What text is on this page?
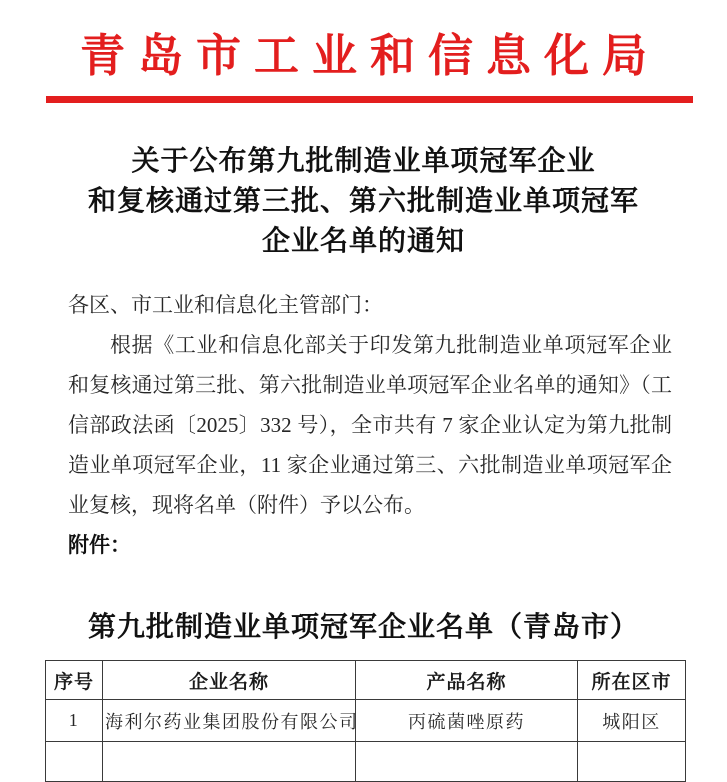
青岛市工业和信息化局
关于公布第九批制造业单项冠军企业
和复核通过第三批、第六批制造业单项冠军
企业名单的通知
各区、市工业和信息化主管部门：
根据《工业和信息化部关于印发第九批制造业单项冠军企业
和复核通过第三批、第六批制造业单项冠军企业名单的通知》（工
信部政法函〔2025〕332 号），全市共有 7 家企业认定为第九批制
造业单项冠军企业，11 家企业通过第三、六批制造业单项冠军企
业复核，现将名单（附件）予以公布。
附件：
第九批制造业单项冠军企业名单（青岛市）
序号	企业名称	产品名称	所在区市
1	海利尔药业集团股份有限公司	丙硫菌唑原药	城阳区
